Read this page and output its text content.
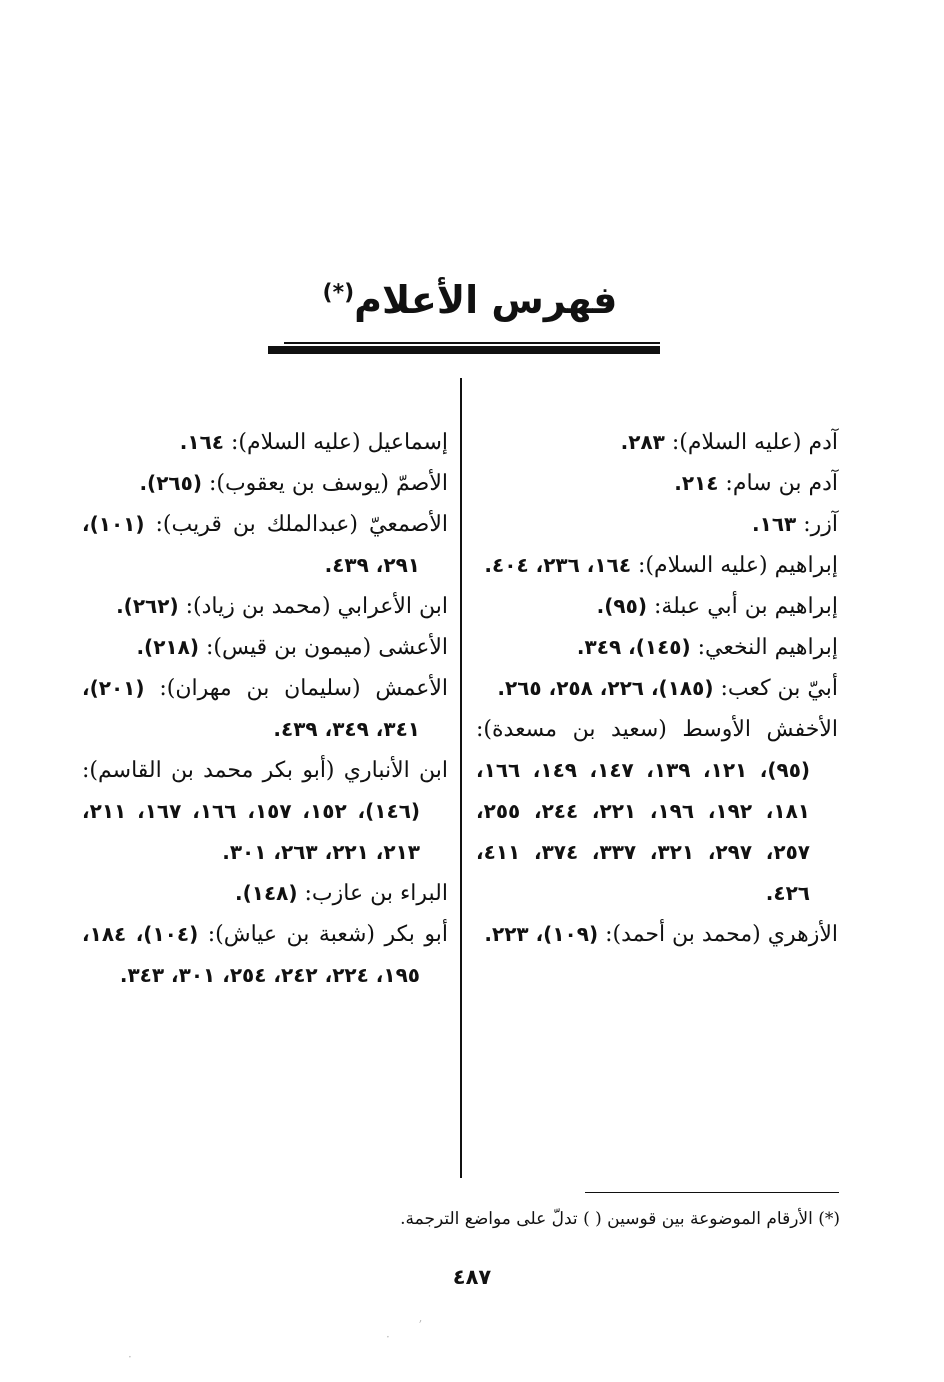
فهرس الأعلام(*)

آدم (عليه السلام): ٢٨٣.

آدم بن سام: ٢١٤.

آزر: ١٦٣.

إبراهيم (عليه السلام): ١٦٤، ٢٣٦، ٤٠٤.

إبراهيم بن أبي عبلة: (٩٥).

إبراهيم النخعي: (١٤٥)، ٣٤٩.

أبيّ بن كعب: (١٨٥)، ٢٢٦، ٢٥٨، ٢٦٥.

الأخفش الأوسط (سعيد بن مسعدة): (٩٥)، ١٢١، ١٣٩، ١٤٧، ١٤٩، ١٦٦، ١٨١، ١٩٢، ١٩٦، ٢٢١، ٢٤٤، ٢٥٥، ٢٥٧، ٢٩٧، ٣٢١، ٣٣٧، ٣٧٤، ٤١١، ٤٢٦.

الأزهري (محمد بن أحمد): (١٠٩)، ٢٢٣.

إسماعيل (عليه السلام): ١٦٤.

الأصمّ (يوسف بن يعقوب): (٢٦٥).

الأصمعيّ (عبدالملك بن قريب): (١٠١)، ٢٩١، ٤٣٩.

ابن الأعرابي (محمد بن زياد): (٢٦٢).

الأعشى (ميمون بن قيس): (٢١٨).

الأعمش (سليمان بن مهران): (٢٠١)، ٣٤١، ٣٤٩، ٤٣٩.

ابن الأنباري (أبو بكر محمد بن القاسم): (١٤٦)، ١٥٢، ١٥٧، ١٦٦، ١٦٧، ٢١١، ٢١٣، ٢٢١، ٢٦٣، ٣٠١.

البراء بن عازب: (١٤٨).

أبو بكر (شعبة بن عياش): (١٠٤)، ١٨٤، ١٩٥، ٢٢٤، ٢٤٢، ٢٥٤، ٣٠١، ٣٤٣.

(*) الأرقام الموضوعة بين قوسين ( ) تدلّ على مواضع الترجمة.
٤٨٧
ʼ
·
·
